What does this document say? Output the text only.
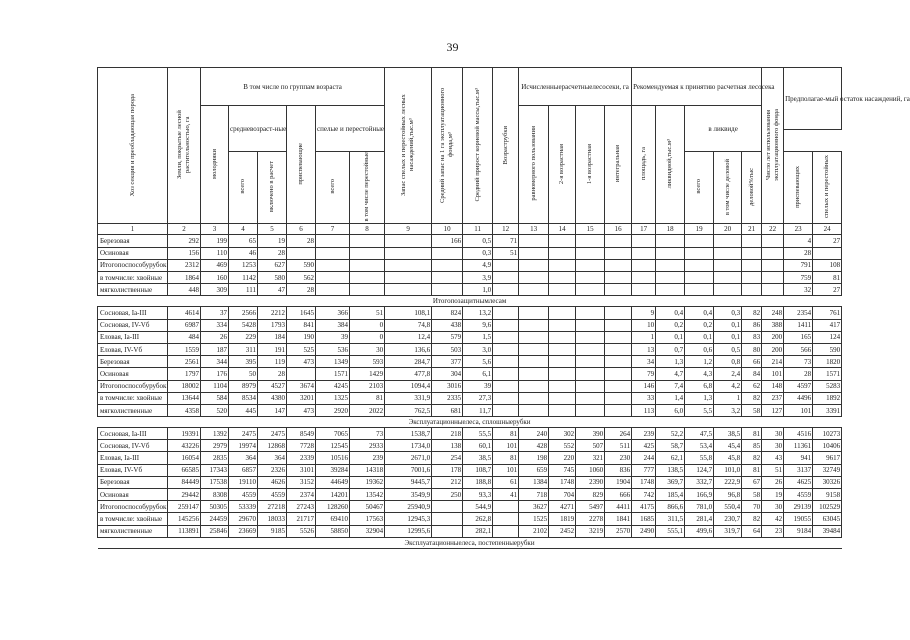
39
Хоз секция и преобладающая порода	Земли, покрытые лесной растительностью, га	В том числе по группам возраста						Запас спелых и перестойных лесных насаждений,тыс.м³	Средний запас на 1 га эксплуатационного фонда,м³	Средний прирост корневой массы,тыс.м³	Возраструбки	Исчисленныерасчетныелесосеки, га				Рекомендуемая к принятию расчетная лесосека					Число лет использования эксплуатационного фонда	Предполагае-мый остаток насаждений, га	
		молодняки	средневозраст-ные		приспевающие	спелые и перестойные						равномерного пользования	2-я возрастная	1-я возрастная	интегральная	площадь, га	ликвидной,тыс.м³	в ликвиде					

			всего	включено в расчет		всего	в том числе перестойные											всего	в том числе деловой	деловой%тыс		приспевающих	спелых и перестойных
1	2	3	4	5	6	7	8	9	10	11	12	13	14	15	16	17	18	19	20	21	22	23	24
Березовая	292	199	65	19	28				166	0,5	71											4	27
Осиновая	156	110	46	28						0,3	51											28	
Итогопоспособурубок	2312	469	1253	627	590					4,9												791	108
в томчисле: хвойные	1864	160	1142	580	562					3,9												759	81
мягколиственные	448	309	111	47	28					1,0												32	27
Итогопозащитнымлесам																							
Сосновая, Ia-III	4614	37	2566	2212	1645	366	51	108,1	824	13,2						9	0,4	0,4	0,3	82	248	2354	761
Сосновая, IV-Vб	6987	334	5428	1793	841	384	0	74,8	438	9,6						10	0,2	0,2	0,1	86	388	1411	417
Еловая, Ia-III	484	26	229	184	190	39	0	12,4	579	1,5						1	0,1	0,1	0,1	83	200	165	124
Еловая, IV-Vб	1559	187	311	191	525	536	30	136,6	503	3,0						13	0,7	0,6	0,5	80	200	566	590
Березовая	2561	344	395	119	473	1349	593	284,7	377	5,6						34	1,3	1,2	0,8	66	214	73	1820
Осиновая	1797	176	50	28		1571	1429	477,8	304	6,1						79	4,7	4,3	2,4	84	101	28	1571
Итогопоспособурубок	18002	1104	8979	4527	3674	4245	2103	1094,4	3016	39						146	7,4	6,8	4,2	62	148	4597	5283
в томчисле: хвойные	13644	584	8534	4380	3201	1325	81	331,9	2335	27,3						33	1,4	1,3	1	82	237	4496	1892
мягколиственные	4358	520	445	147	473	2920	2022	762,5	681	11,7						113	6,0	5,5	3,2	58	127	101	3391
Эксплуатационныелеса, сплошныерубки																							
Сосновая, Ia-III	19391	1392	2475	2475	8549	7065	73	1538,7	218	55,5	81	240	302	390	264	239	52,2	47,5	38,5	81	30	4516	10273
Сосновая, IV-Vб	43226	2979	19974	12868	7728	12545	2933	1734,0	138	60,1	101	428	552	507	511	425	58,7	53,4	45,4	85	30	11361	10406
Еловая, Ia-III	16054	2835	364	364	2339	10516	239	2671,0	254	38,5	81	198	220	321	230	244	62,1	55,8	45,8	82	43	941	9617
Еловая, IV-Vб	66585	17343	6857	2326	3101	39284	14318	7001,6	178	108,7	101	659	745	1060	836	777	138,5	124,7	101,0	81	51	3137	32749
Березовая	84449	17538	19110	4626	3152	44649	19362	9445,7	212	188,8	61	1384	1748	2390	1904	1748	369,7	332,7	222,9	67	26	4625	30326
Осиновая	29442	8308	4559	4559	2374	14201	13542	3549,9	250	93,3	41	718	704	829	666	742	185,4	166,9	96,8	58	19	4559	9158
Итогопоспособурубок	259147	50305	53339	27218	27243	128260	50467	25940,9		544,9		3627	4271	5497	4411	4175	866,6	781,0	550,4	70	30	29139	102529
в томчисле: хвойные	145256	24459	29670	18033	21717	69410	17563	12945,3		262,8		1525	1819	2278	1841	1685	311,5	281,4	230,7	82	42	19055	63045
мягколиственные	113891	25846	23669	9185	5526	58850	32904	12995,6		282,1		2102	2452	3219	2570	2490	555,1	499,6	319,7	64	23	9184	39484
Эксплуатационныелеса, постепенныерубки																							
